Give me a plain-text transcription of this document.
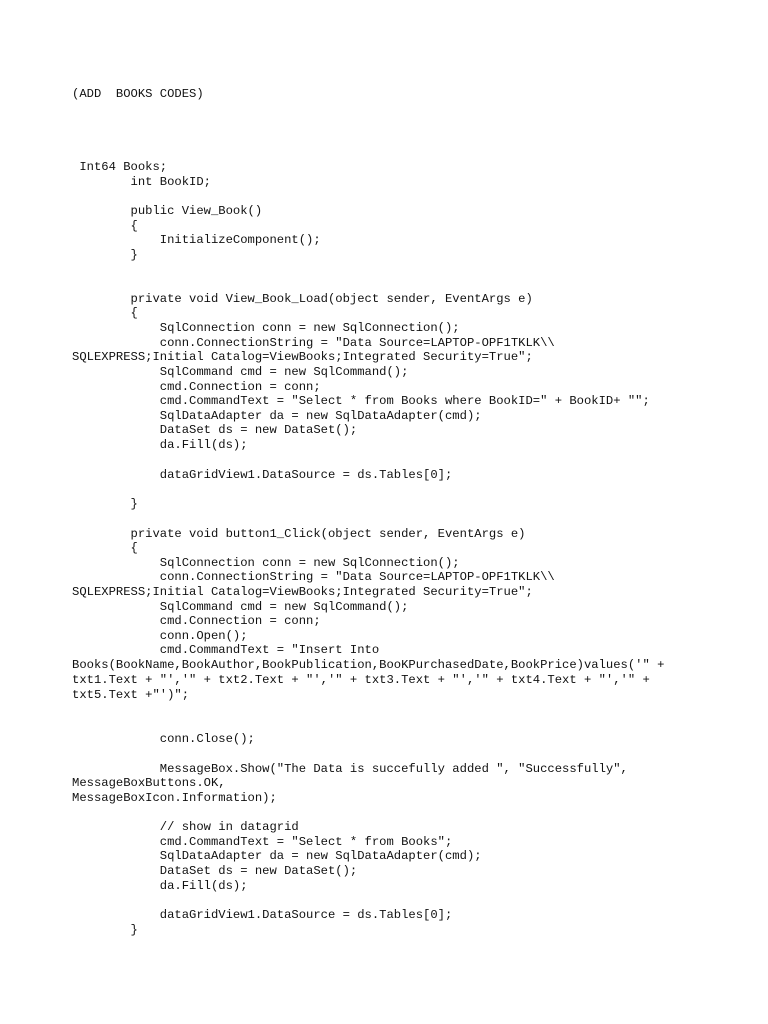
(ADD  BOOKS CODES)
Int64 Books;
int BookID;
public View_Book()
{
InitializeComponent();
}
private void View_Book_Load(object sender, EventArgs e)
{
SqlConnection conn = new SqlConnection();
conn.ConnectionString = "Data Source=LAPTOP-OPF1TKLK\\
SQLEXPRESS;Initial Catalog=ViewBooks;Integrated Security=True";
SqlCommand cmd = new SqlCommand();
cmd.Connection = conn;
cmd.CommandText = "Select * from Books where BookID=" + BookID+ "";
SqlDataAdapter da = new SqlDataAdapter(cmd);
DataSet ds = new DataSet();
da.Fill(ds);
dataGridView1.DataSource = ds.Tables[0];
}
private void button1_Click(object sender, EventArgs e)
{
SqlConnection conn = new SqlConnection();
conn.ConnectionString = "Data Source=LAPTOP-OPF1TKLK\\
SQLEXPRESS;Initial Catalog=ViewBooks;Integrated Security=True";
SqlCommand cmd = new SqlCommand();
cmd.Connection = conn;
conn.Open();
cmd.CommandText = "Insert Into
Books(BookName,BookAuthor,BookPublication,BooKPurchasedDate,BookPrice)values('" +
txt1.Text + "','" + txt2.Text + "','" + txt3.Text + "','" + txt4.Text + "','" +
txt5.Text +"')";
conn.Close();
MessageBox.Show("The Data is succefully added ", "Successfully",
MessageBoxButtons.OK,
MessageBoxIcon.Information);
// show in datagrid
cmd.CommandText = "Select * from Books";
SqlDataAdapter da = new SqlDataAdapter(cmd);
DataSet ds = new DataSet();
da.Fill(ds);
dataGridView1.DataSource = ds.Tables[0];
}
